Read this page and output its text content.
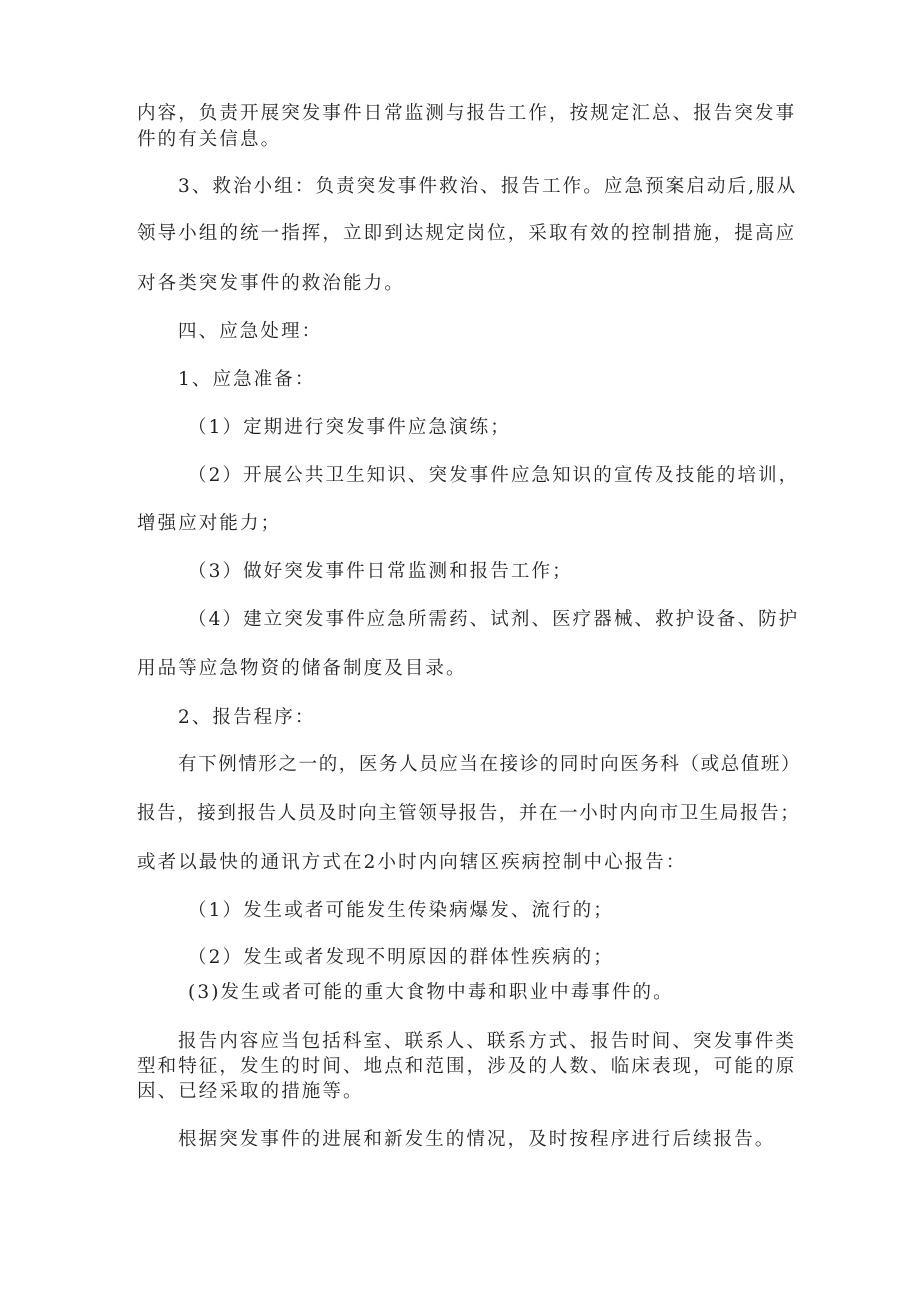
内容，负责开展突发事件日常监测与报告工作，按规定汇总、报告突发事
件的有关信息。
3、救治小组：负责突发事件救治、报告工作。应急预案启动后,服从
领导小组的统一指挥，立即到达规定岗位，采取有效的控制措施，提高应
对各类突发事件的救治能力。
四、应急处理：
1、应急准备：
（1）定期进行突发事件应急演练；
（2）开展公共卫生知识、突发事件应急知识的宣传及技能的培训，
增强应对能力；
（3）做好突发事件日常监测和报告工作；
（4）建立突发事件应急所需药、试剂、医疗器械、救护设备、防护
用品等应急物资的储备制度及目录。
2、报告程序：
有下例情形之一的，医务人员应当在接诊的同时向医务科（或总值班）
报告，接到报告人员及时向主管领导报告，并在一小时内向市卫生局报告；
或者以最快的通讯方式在2小时内向辖区疾病控制中心报告：
（1）发生或者可能发生传染病爆发、流行的；
（2）发生或者发现不明原因的群体性疾病的；
(3)发生或者可能的重大食物中毒和职业中毒事件的。
报告内容应当包括科室、联系人、联系方式、报告时间、突发事件类
型和特征，发生的时间、地点和范围，涉及的人数、临床表现，可能的原
因、已经采取的措施等。
根据突发事件的进展和新发生的情况，及时按程序进行后续报告。
